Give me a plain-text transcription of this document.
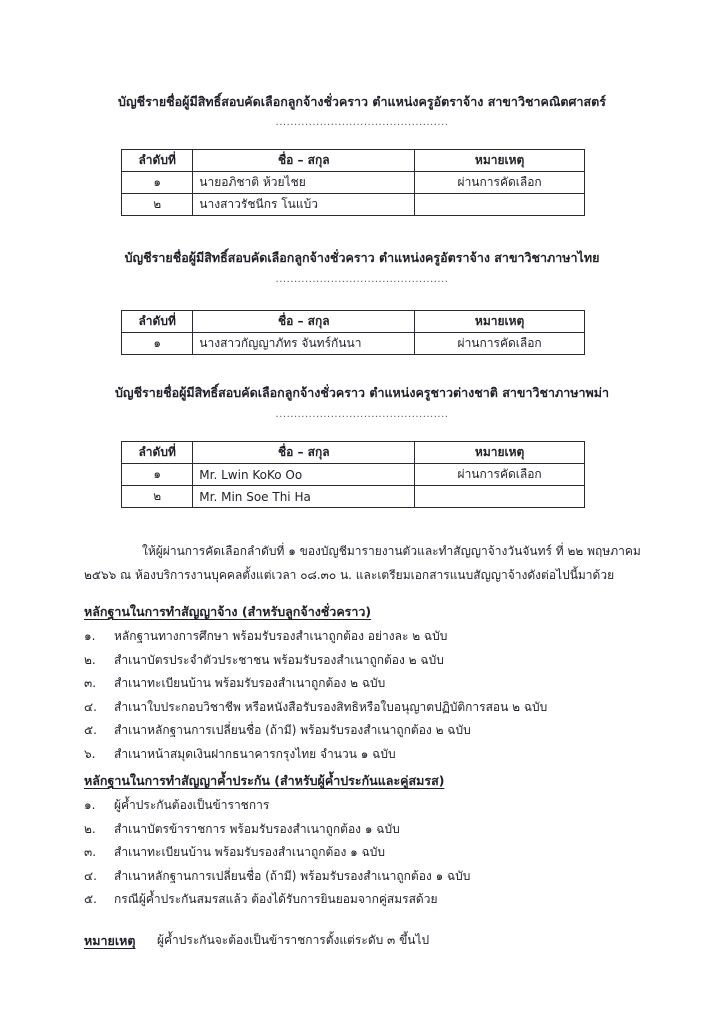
บัญชีรายชื่อผู้มีสิทธิ์สอบคัดเลือกลูกจ้างชั่วคราว ตำแหน่งครูอัตราจ้าง สาขาวิชาคณิตศาสตร์
...............................................
ลำดับที่	ชื่อ – สกุล	หมายเหตุ
๑	นายอภิชาติ ห้วยไชย	ผ่านการคัดเลือก
๒	นางสาวรัชนีกร โนแบ้ว	
บัญชีรายชื่อผู้มีสิทธิ์สอบคัดเลือกลูกจ้างชั่วคราว ตำแหน่งครูอัตราจ้าง สาขาวิชาภาษาไทย
...............................................
ลำดับที่	ชื่อ – สกุล	หมายเหตุ
๑	นางสาวกัญญาภัทร จันทร์กันนา	ผ่านการคัดเลือก
บัญชีรายชื่อผู้มีสิทธิ์สอบคัดเลือกลูกจ้างชั่วคราว ตำแหน่งครูชาวต่างชาติ สาขาวิชาภาษาพม่า
...............................................
ลำดับที่	ชื่อ – สกุล	หมายเหตุ
๑	Mr. Lwin KoKo Oo	ผ่านการคัดเลือก
๒	Mr. Min Soe Thi Ha	
ให้ผู้ผ่านการคัดเลือกลำดับที่ ๑ ของบัญชีมารายงานตัวและทำสัญญาจ้างวันจันทร์ ที่ ๒๒ พฤษภาคม
๒๕๖๖ ณ ห้องบริการงานบุคคลตั้งแต่เวลา ๐๘.๓๐ น. และเตรียมเอกสารแนบสัญญาจ้างดังต่อไปนี้มาด้วย
หลักฐานในการทำสัญญาจ้าง (สำหรับลูกจ้างชั่วคราว)
๑. หลักฐานทางการศึกษา พร้อมรับรองสำเนาถูกต้อง อย่างละ ๒ ฉบับ
๒. สำเนาบัตรประจำตัวประชาชน พร้อมรับรองสำเนาถูกต้อง ๒ ฉบับ
๓. สำเนาทะเบียนบ้าน พร้อมรับรองสำเนาถูกต้อง ๒ ฉบับ
๔. สำเนาใบประกอบวิชาชีพ หรือหนังสือรับรองสิทธิหรือใบอนุญาตปฏิบัติการสอน ๒ ฉบับ
๕. สำเนาหลักฐานการเปลี่ยนชื่อ (ถ้ามี) พร้อมรับรองสำเนาถูกต้อง ๒ ฉบับ
๖. สำเนาหน้าสมุดเงินฝากธนาคารกรุงไทย จำนวน ๑ ฉบับ
หลักฐานในการทำสัญญาค้ำประกัน (สำหรับผู้ค้ำประกันและคู่สมรส)
๑. ผู้ค้ำประกันต้องเป็นข้าราชการ
๒. สำเนาบัตรข้าราชการ พร้อมรับรองสำเนาถูกต้อง ๑ ฉบับ
๓. สำเนาทะเบียนบ้าน พร้อมรับรองสำเนาถูกต้อง ๑ ฉบับ
๔. สำเนาหลักฐานการเปลี่ยนชื่อ (ถ้ามี) พร้อมรับรองสำเนาถูกต้อง ๑ ฉบับ
๕. กรณีผู้ค้ำประกันสมรสแล้ว ต้องได้รับการยินยอมจากคู่สมรสด้วย
หมายเหตุ ผู้ค้ำประกันจะต้องเป็นข้าราชการตั้งแต่ระดับ ๓ ขึ้นไป
